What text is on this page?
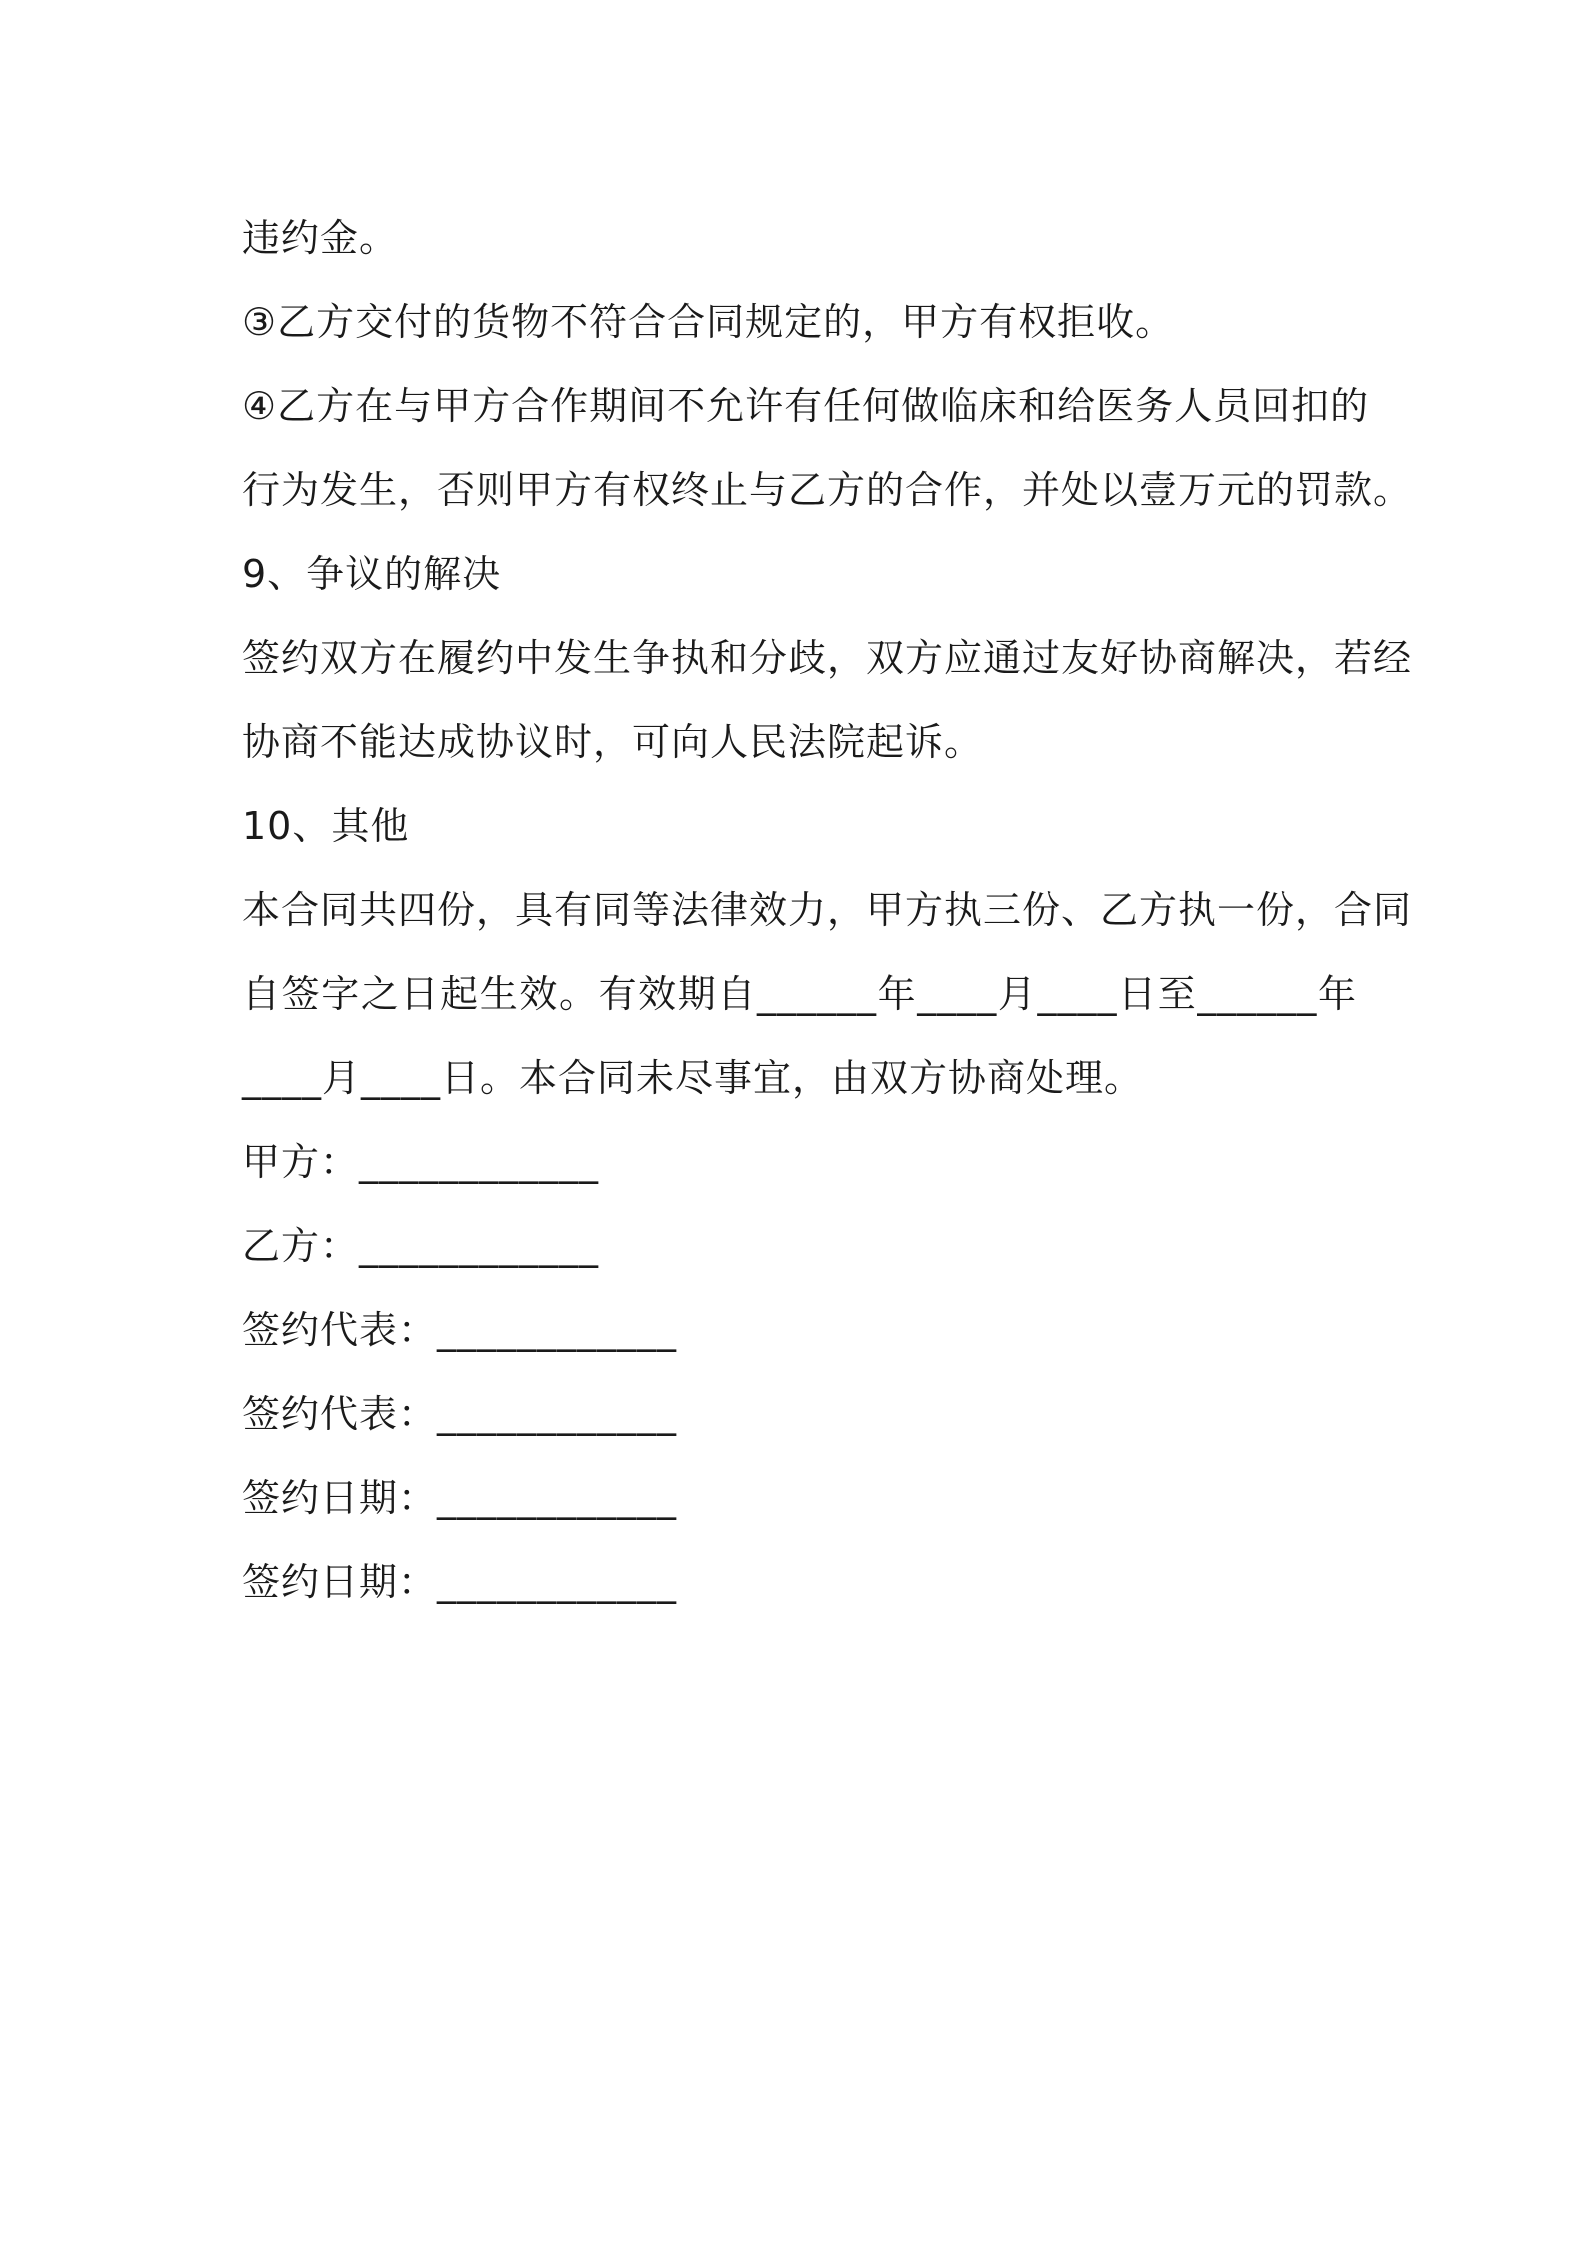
违约金。

③乙方交付的货物不符合合同规定的，甲方有权拒收。

④乙方在与甲方合作期间不允许有任何做临床和给医务人员回扣的

行为发生，否则甲方有权终止与乙方的合作，并处以壹万元的罚款。

9、争议的解决

签约双方在履约中发生争执和分歧，双方应通过友好协商解决，若经

协商不能达成协议时，可向人民法院起诉。

10、其他

本合同共四份，具有同等法律效力，甲方执三份、乙方执一份，合同

自签字之日起生效。有效期自______年____月____日至______年

____月____日。本合同未尽事宜，由双方协商处理。

甲方：____________

乙方：____________

签约代表：____________

签约代表：____________

签约日期：____________

签约日期：____________
